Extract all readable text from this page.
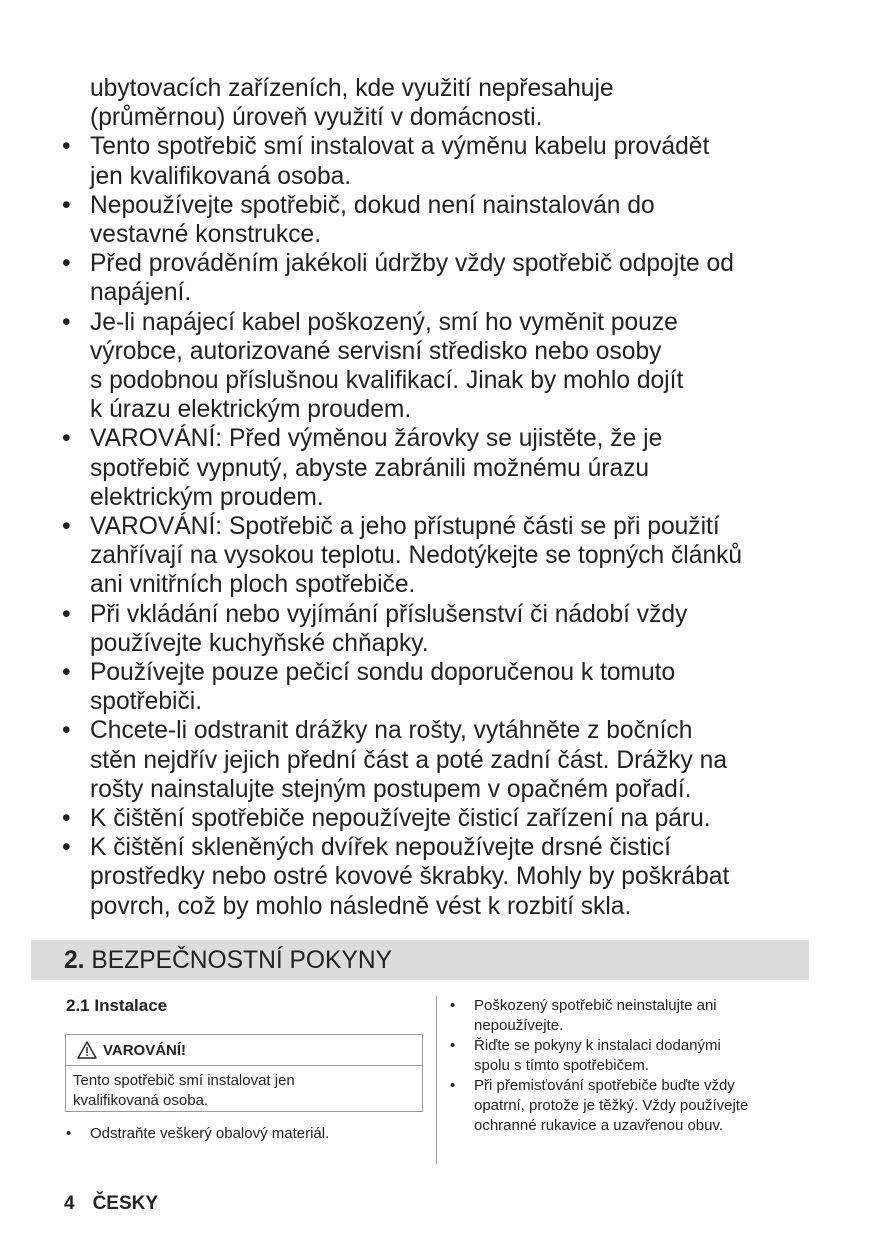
ubytovacích zařízeních, kde využití nepřesahuje
(průměrnou) úroveň využití v domácnosti.
• Tento spotřebič smí instalovat a výměnu kabelu provádět
jen kvalifikovaná osoba.
• Nepoužívejte spotřebič, dokud není nainstalován do
vestavné konstrukce.
• Před prováděním jakékoli údržby vždy spotřebič odpojte od
napájení.
• Je-li napájecí kabel poškozený, smí ho vyměnit pouze
výrobce, autorizované servisní středisko nebo osoby
s podobnou příslušnou kvalifikací. Jinak by mohlo dojít
k úrazu elektrickým proudem.
• VAROVÁNÍ: Před výměnou žárovky se ujistěte, že je
spotřebič vypnutý, abyste zabránili možnému úrazu
elektrickým proudem.
• VAROVÁNÍ: Spotřebič a jeho přístupné části se při použití
zahřívají na vysokou teplotu. Nedotýkejte se topných článků
ani vnitřních ploch spotřebiče.
• Při vkládání nebo vyjímání příslušenství či nádobí vždy
používejte kuchyňské chňapky.
• Používejte pouze pečicí sondu doporučenou k tomuto
spotřebiči.
• Chcete-li odstranit drážky na rošty, vytáhněte z bočních
stěn nejdřív jejich přední část a poté zadní část. Drážky na
rošty nainstalujte stejným postupem v opačném pořadí.
• K čištění spotřebiče nepoužívejte čisticí zařízení na páru.
• K čištění skleněných dvířek nepoužívejte drsné čisticí
prostředky nebo ostré kovové škrabky. Mohly by poškrábat
povrch, což by mohlo následně vést k rozbití skla.
2. BEZPEČNOSTNÍ POKYNY
2.1 Instalace
VAROVÁNÍ!
Tento spotřebič smí instalovat jen
kvalifikovaná osoba.
• Odstraňte veškerý obalový materiál.
• Poškozený spotřebič neinstalujte ani
nepoužívejte.
• Řiďte se pokyny k instalaci dodanými
spolu s tímto spotřebičem.
• Při přemisťování spotřebiče buďte vždy
opatrní, protože je těžký. Vždy používejte
ochranné rukavice a uzavřenou obuv.
4 ČESKY
